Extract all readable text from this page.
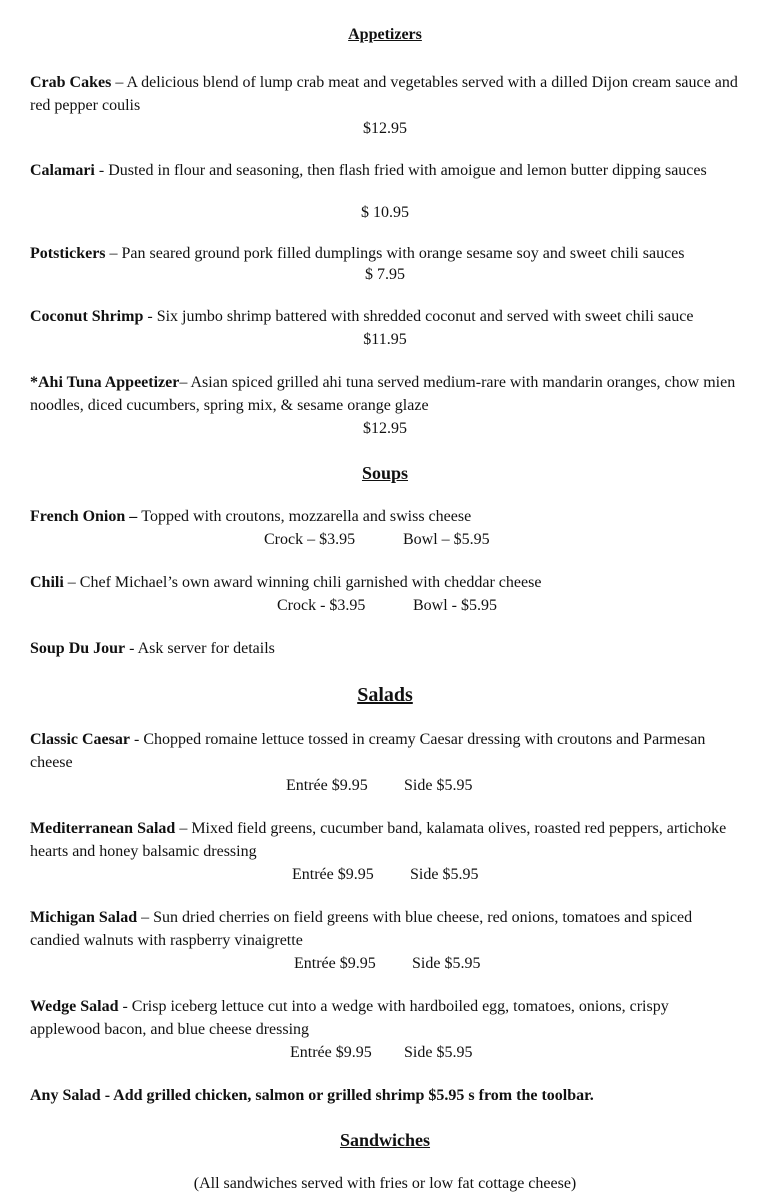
Appetizers

Crab Cakes – A delicious blend of lump crab meat and vegetables served with a dilled Dijon cream sauce and red pepper coulis

$12.95

Calamari - Dusted in flour and seasoning, then flash fried with amoigue and lemon butter dipping sauces

$ 10.95

Potstickers – Pan seared ground pork filled dumplings with orange sesame soy and sweet chili sauces

$ 7.95

Coconut Shrimp - Six jumbo shrimp battered with shredded coconut and served with sweet chili sauce

$11.95

*Ahi Tuna Appeetizer– Asian spiced grilled ahi tuna served medium-rare with mandarin oranges, chow mien noodles, diced cucumbers, spring mix, & sesame orange glaze

$12.95

Soups

French Onion – Topped with croutons, mozzarella and swiss cheese

Crock – $3.95	Bowl – $5.95

Chili – Chef Michael’s own award winning chili garnished with cheddar cheese

Crock - $3.95	Bowl - $5.95

Soup Du Jour - Ask server for details

Salads

Classic Caesar - Chopped romaine lettuce tossed in creamy Caesar dressing with croutons and Parmesan cheese

Entrée $9.95 Side $5.95

Mediterranean Salad – Mixed field greens, cucumber band, kalamata olives, roasted red peppers, artichoke hearts and honey balsamic dressing

Entrée $9.95 Side $5.95

Michigan Salad – Sun dried cherries on field greens with blue cheese, red onions, tomatoes and spiced candied walnuts with raspberry vinaigrette

Entrée $9.95 Side $5.95

Wedge Salad - Crisp iceberg lettuce cut into a wedge with hardboiled egg, tomatoes, onions, crispy applewood bacon, and blue cheese dressing

Entrée $9.95 Side $5.95

Any Salad - Add grilled chicken, salmon or grilled shrimp $5.95 s from the toolbar.

Sandwiches

(All sandwiches served with fries or low fat cottage cheese)
